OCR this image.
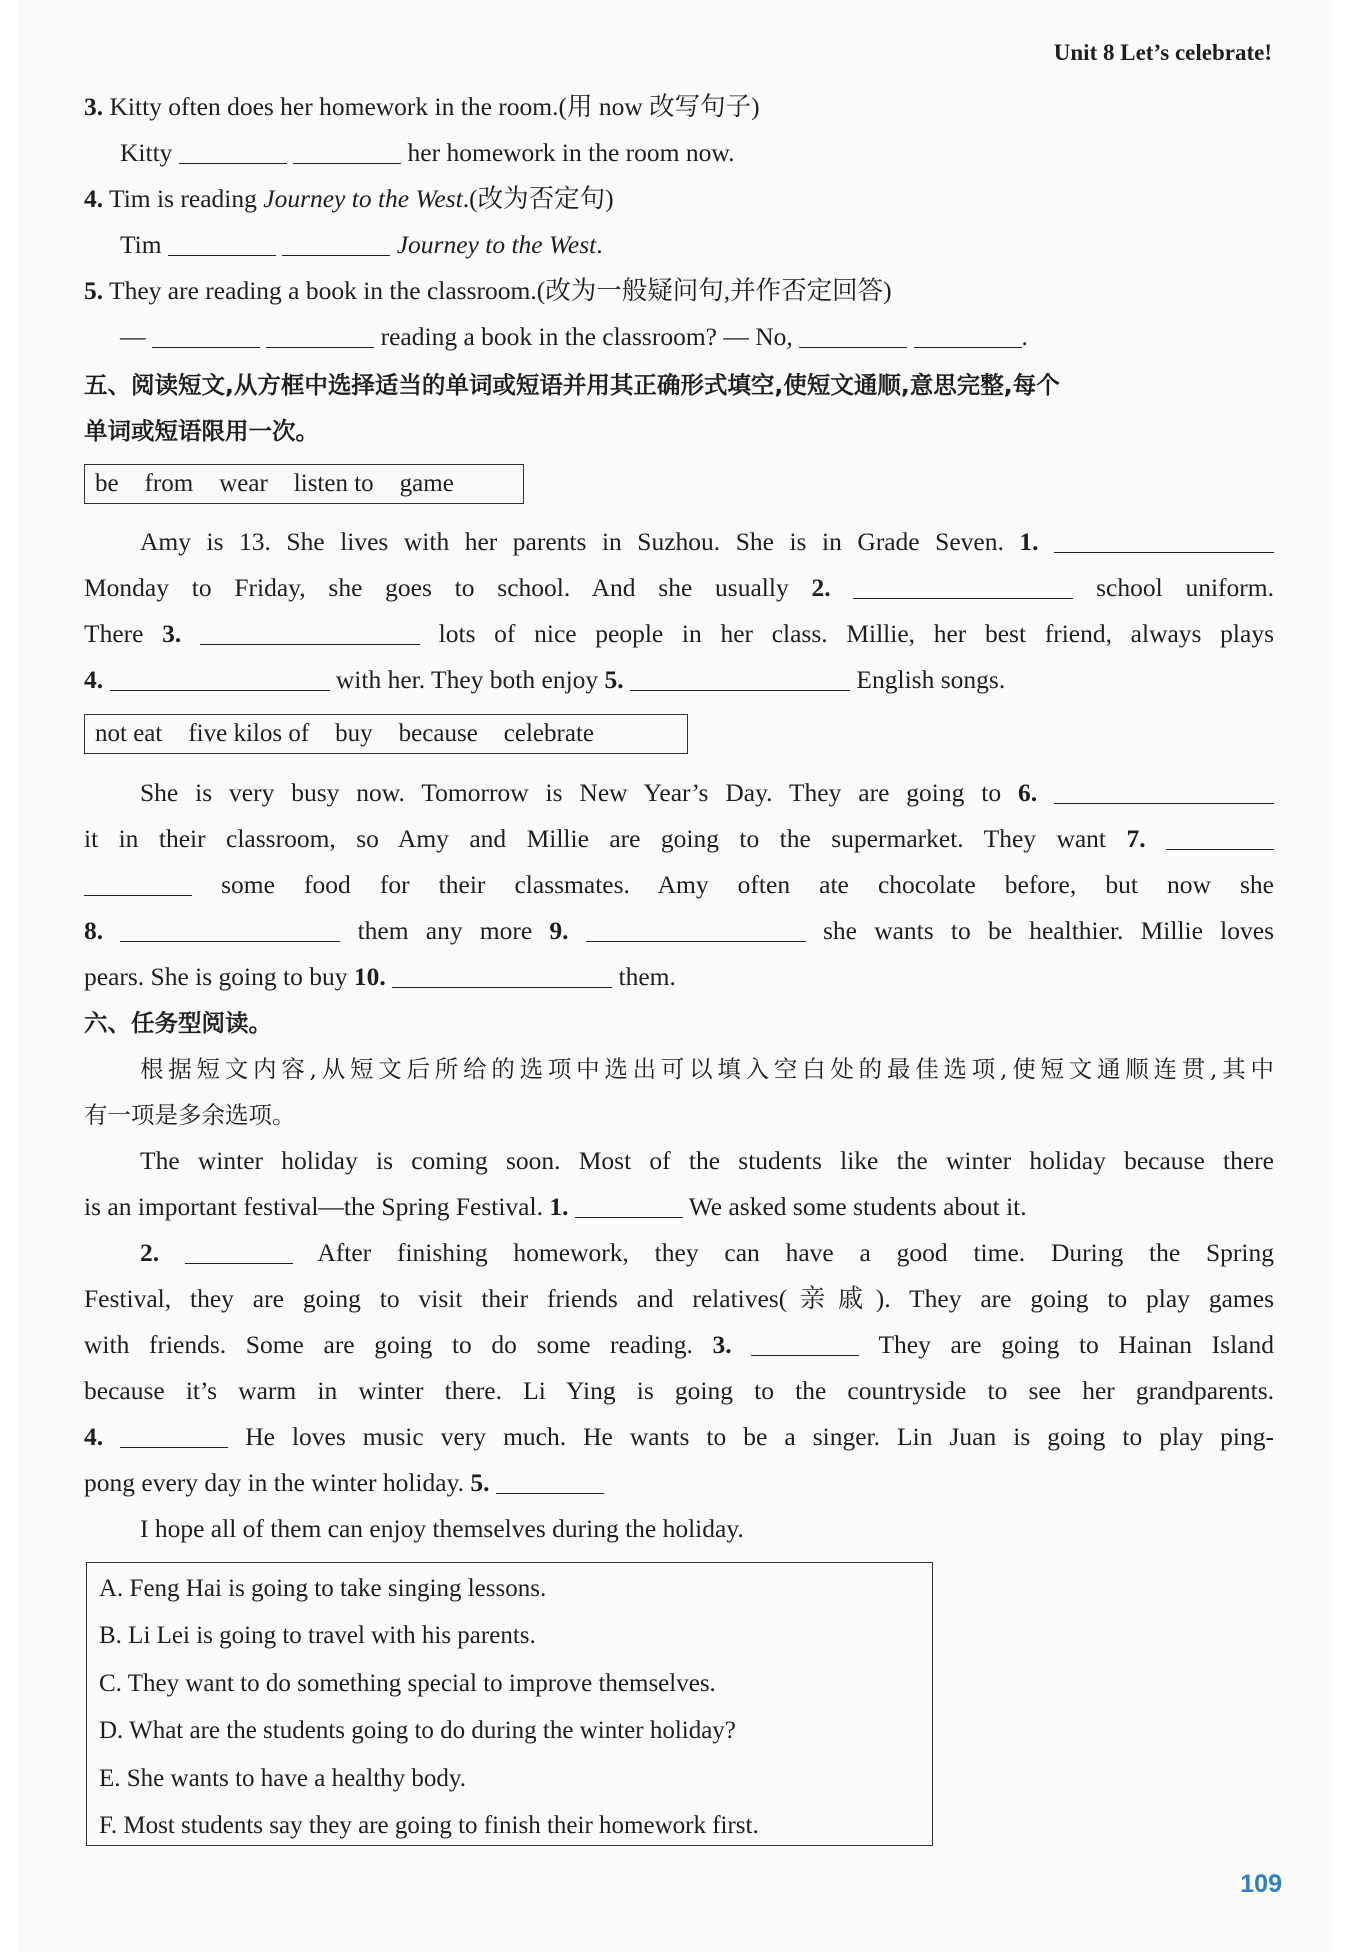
Unit 8 Let’s celebrate!
3. Kitty often does her homework in the room.(用 now 改写句子)
Kitty	her homework in the room now.
4. Tim is reading Journey to the West.(改为否定句)
Tim	Journey to the West.
5. They are reading a book in the classroom.(改为一般疑问句,并作否定回答)
—	reading a book in the classroom? — No,	.
五、阅读短文,从方框中选择适当的单词或短语并用其正确形式填空,使短文通顺,意思完整,每个
单词或短语限用一次。
be from wear listen to game
Amy is 13. She lives with her parents in Suzhou. She is in Grade Seven. 1.
Monday to Friday, she goes to school. And she usually 2.	school uniform.
There 3.	lots of nice people in her class. Millie, her best friend, always plays
4.	with her. They both enjoy 5.	English songs.
not eat five kilos of buy because celebrate
She is very busy now. Tomorrow is New Year’s Day. They are going to 6.
it in their classroom, so Amy and Millie are going to the supermarket. They want 7.
some food for their classmates. Amy often ate chocolate before, but now she
8.	them any more 9.	she wants to be healthier. Millie loves
pears. She is going to buy 10.	them.
六、任务型阅读。
根据短文内容,从短文后所给的选项中选出可以填入空白处的最佳选项,使短文通顺连贯,其中
有一项是多余选项。
The winter holiday is coming soon. Most of the students like the winter holiday because there
is an important festival—the Spring Festival. 1.	We asked some students about it.
2.	After finishing homework, they can have a good time. During the Spring
Festival, they are going to visit their friends and relatives(亲戚). They are going to play games
with friends. Some are going to do some reading. 3.	They are going to Hainan Island
because it’s warm in winter there. Li Ying is going to the countryside to see her grandparents.
4.	He loves music very much. He wants to be a singer. Lin Juan is going to play ping-
pong every day in the winter holiday. 5.
I hope all of them can enjoy themselves during the holiday.
A. Feng Hai is going to take singing lessons.
B. Li Lei is going to travel with his parents.
C. They want to do something special to improve themselves.
D. What are the students going to do during the winter holiday?
E. She wants to have a healthy body.
F. Most students say they are going to finish their homework first.
109
